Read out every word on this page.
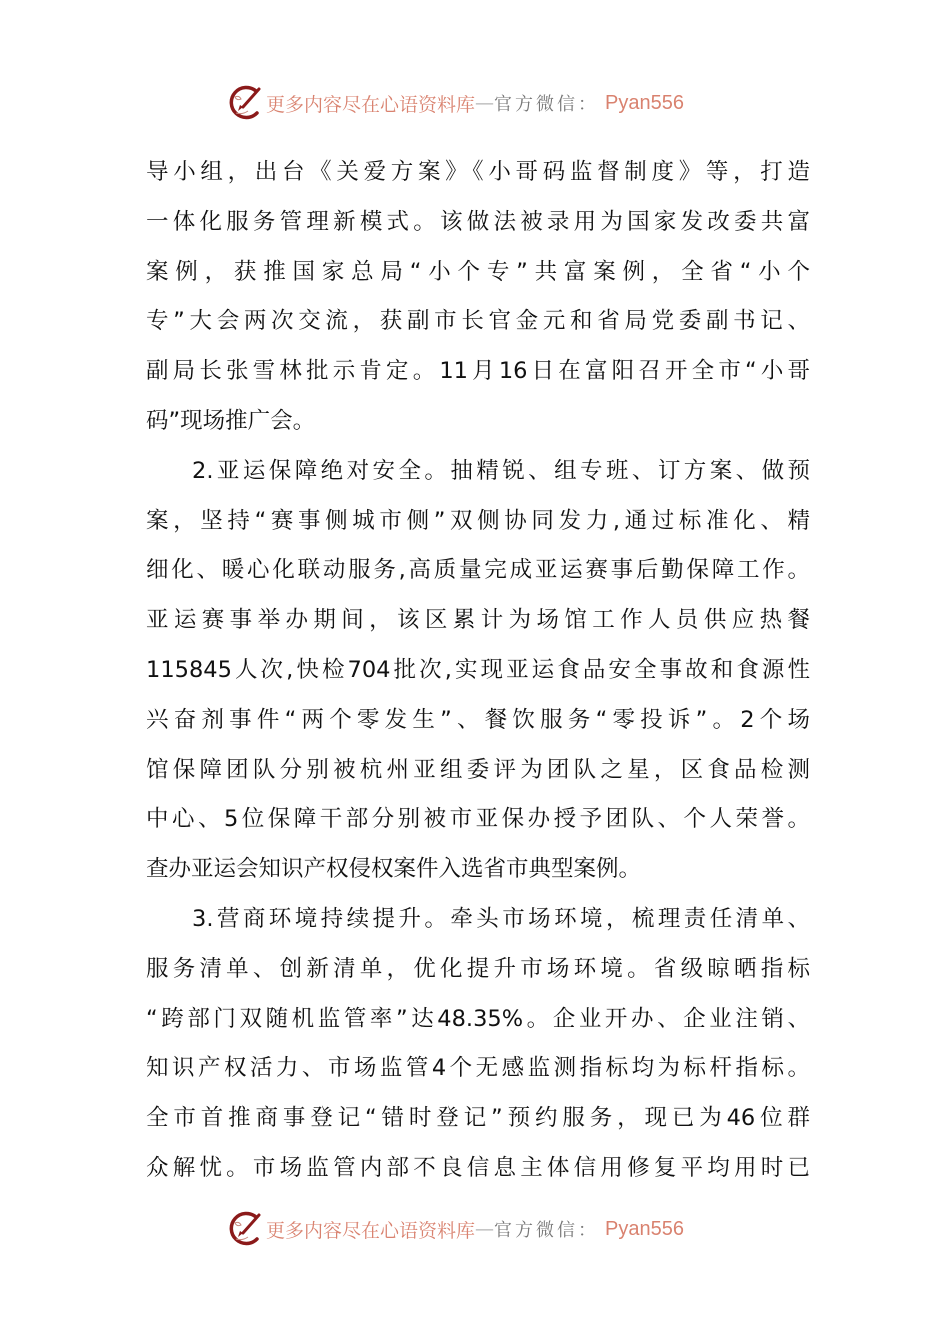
更多内容尽在心语资料库 — 官方微信： Pyan556
导小组，出台《关爱方案》《小哥码监督制度》等，打造
一体化服务管理新模式。该做法被录用为国家发改委共富
案例，获推国家总局“小个专”共富案例，全省“小个
专”大会两次交流，获副市长官金元和省局党委副书记、
副局长张雪林批示肯定。11月16日在富阳召开全市“小哥
码”现场推广会。
2.亚运保障绝对安全。抽精锐、组专班、订方案、做预
案，坚持“赛事侧城市侧”双侧协同发力,通过标准化、精
细化、暖心化联动服务,高质量完成亚运赛事后勤保障工作。
亚运赛事举办期间，该区累计为场馆工作人员供应热餐
115845人次,快检704批次,实现亚运食品安全事故和食源性
兴奋剂事件“两个零发生”、餐饮服务“零投诉”。2个场
馆保障团队分别被杭州亚组委评为团队之星，区食品检测
中心、5位保障干部分别被市亚保办授予团队、个人荣誉。
查办亚运会知识产权侵权案件入选省市典型案例。
3.营商环境持续提升。牵头市场环境，梳理责任清单、
服务清单、创新清单，优化提升市场环境。省级晾晒指标
“跨部门双随机监管率”达48.35%。企业开办、企业注销、
知识产权活力、市场监管4个无感监测指标均为标杆指标。
全市首推商事登记“错时登记”预约服务，现已为46位群
众解忧。市场监管内部不良信息主体信用修复平均用时已
更多内容尽在心语资料库 — 官方微信： Pyan556
